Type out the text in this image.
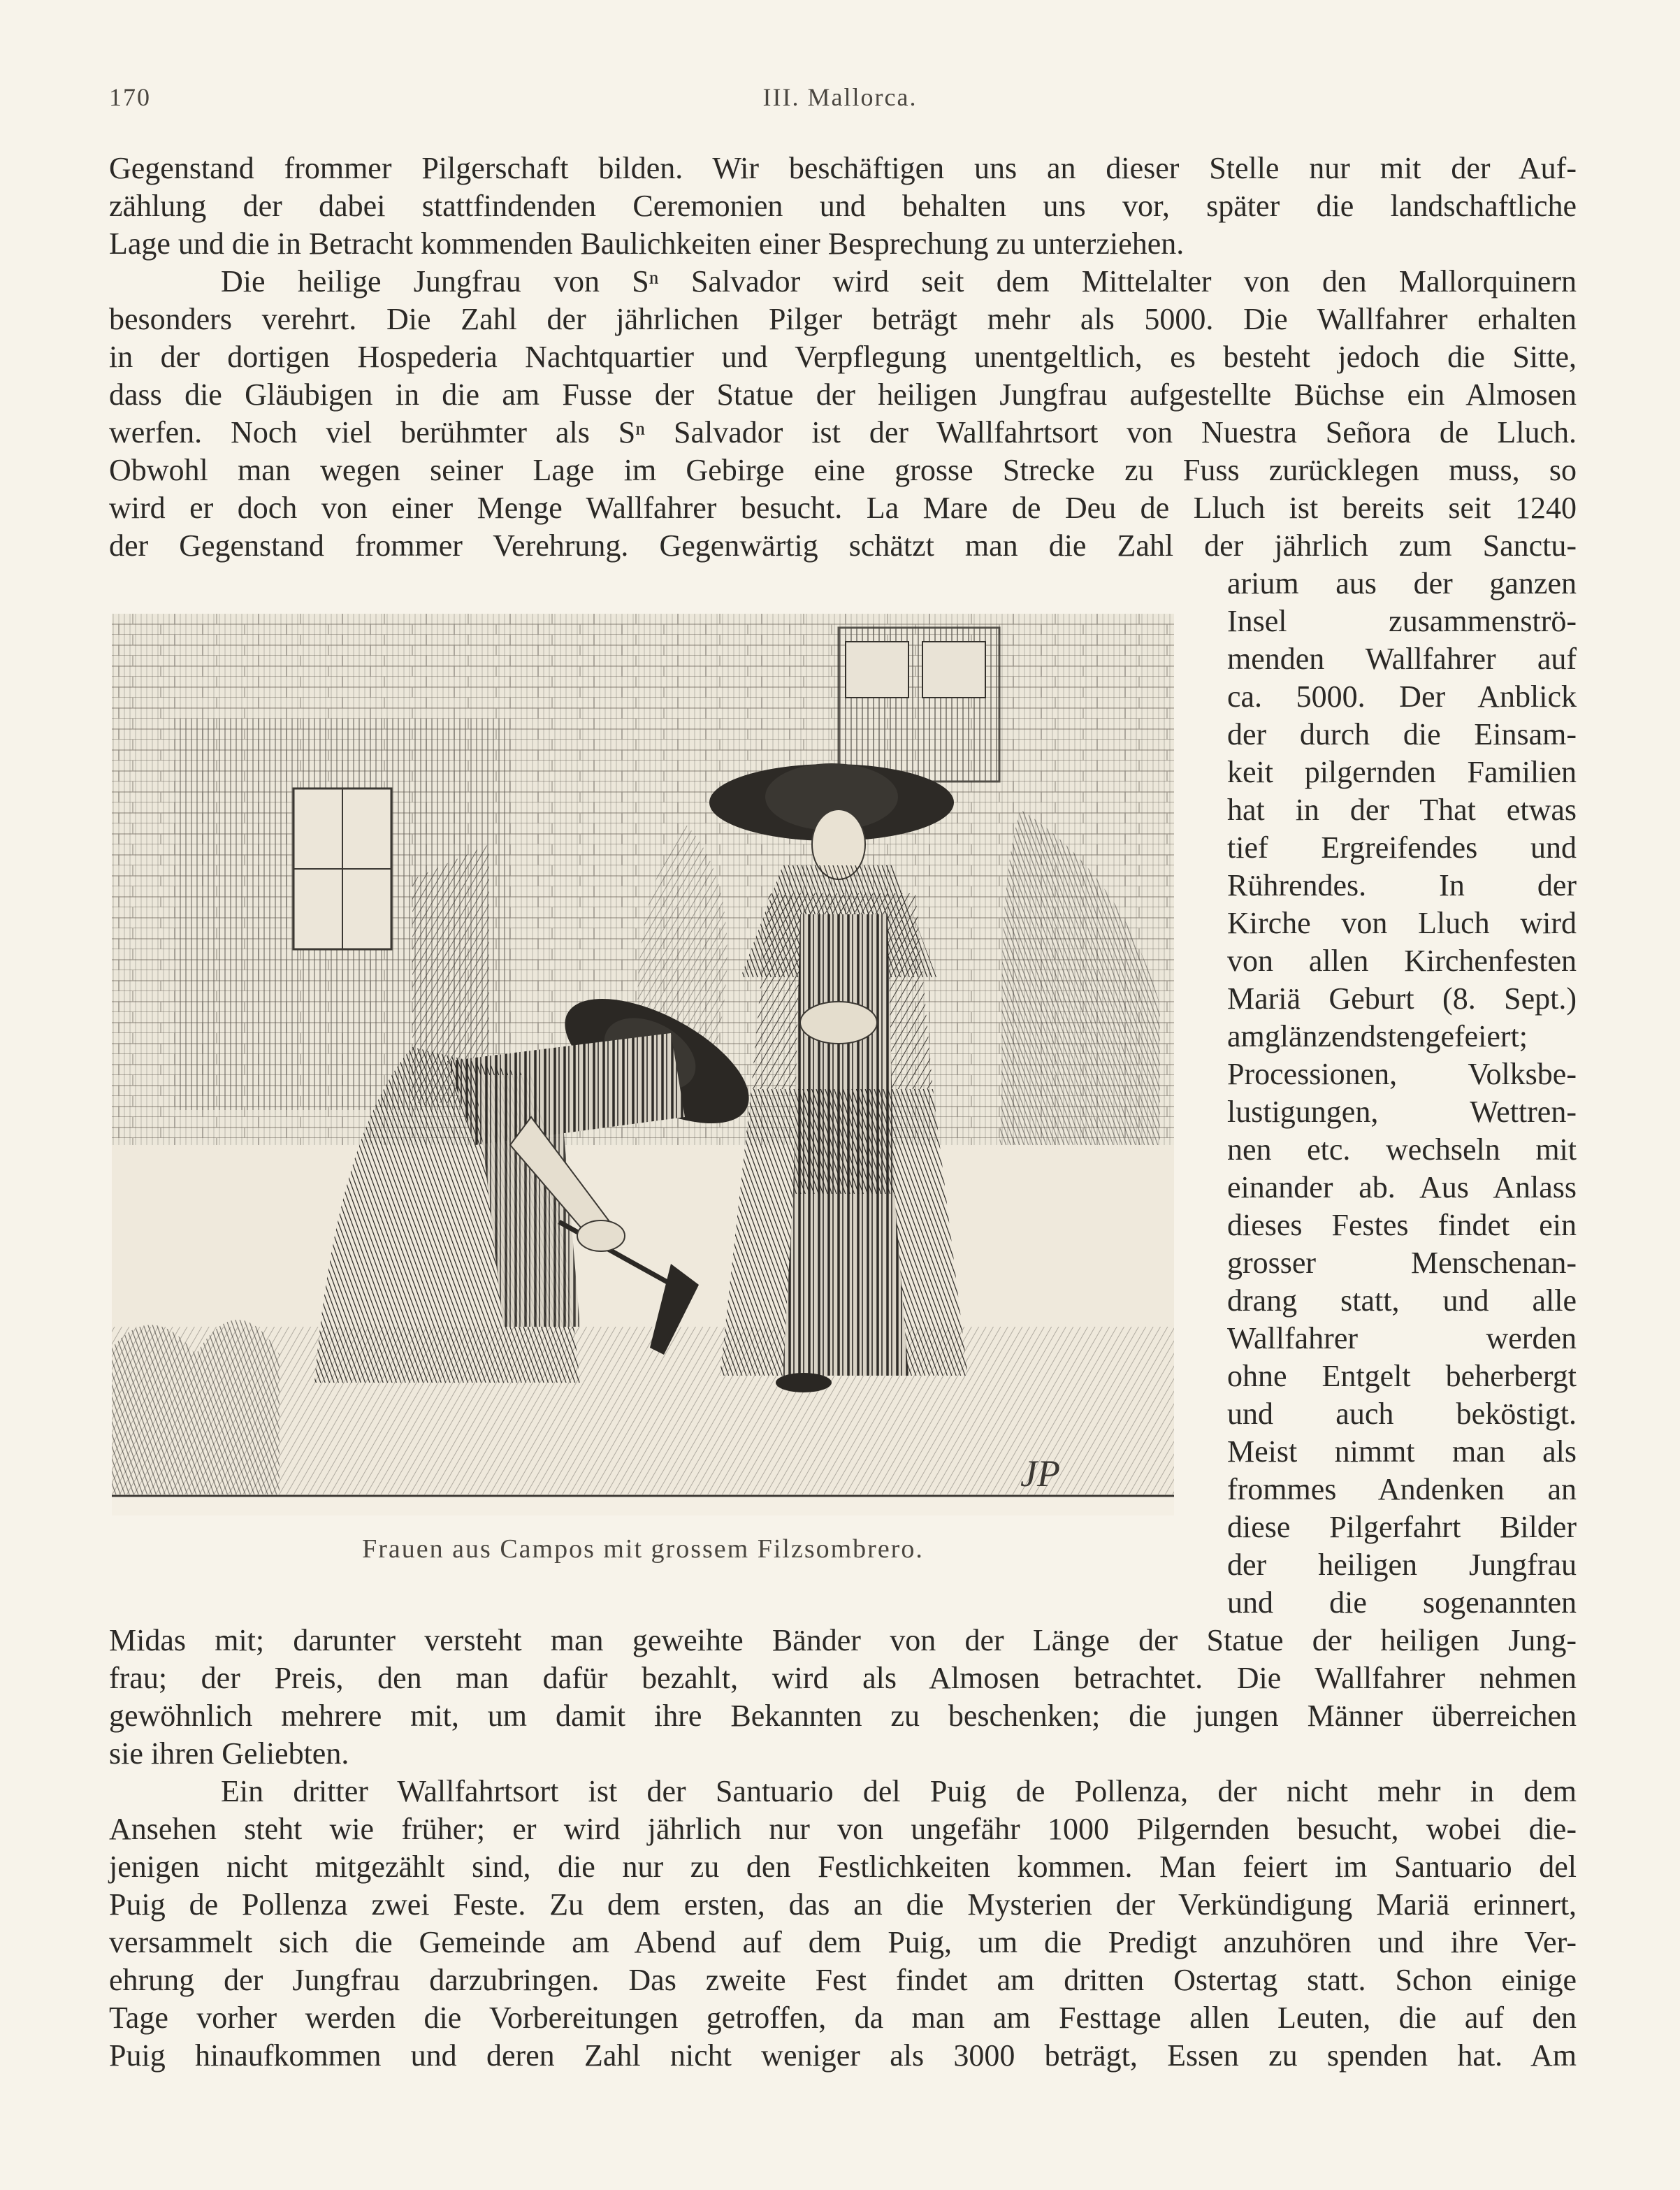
170	III. Mallorca.
Gegenstand frommer Pilgerschaft bilden. Wir beschäftigen uns an dieser Stelle nur mit der Auf-
zählung der dabei stattfindenden Ceremonien und behalten uns vor, später die landschaftliche
Lage und die in Betracht kommenden Baulichkeiten einer Besprechung zu unterziehen.
Die heilige Jungfrau von Sⁿ Salvador wird seit dem Mittelalter von den Mallorquinern
besonders verehrt. Die Zahl der jährlichen Pilger beträgt mehr als 5000. Die Wallfahrer erhalten
in der dortigen Hospederia Nachtquartier und Verpflegung unentgeltlich, es besteht jedoch die Sitte,
dass die Gläubigen in die am Fusse der Statue der heiligen Jungfrau aufgestellte Büchse ein Almosen
werfen. Noch viel berühmter als Sⁿ Salvador ist der Wallfahrtsort von Nuestra Señora de Lluch.
Obwohl man wegen seiner Lage im Gebirge eine grosse Strecke zu Fuss zurücklegen muss, so
wird er doch von einer Menge Wallfahrer besucht. La Mare de Deu de Lluch ist bereits seit 1240
der Gegenstand frommer Verehrung. Gegenwärtig schätzt man die Zahl der jährlich zum Sanctu-
arium aus der ganzen
Insel zusammenströ-
menden Wallfahrer auf
ca. 5000. Der Anblick
der durch die Einsam-
keit pilgernden Familien
hat in der That etwas
tief Ergreifendes und
Rührendes. In der
Kirche von Lluch wird
von allen Kirchenfesten
Mariä Geburt (8. Sept.)
amglänzendstengefeiert;
Processionen, Volksbe-
lustigungen, Wettren-
nen etc. wechseln mit
einander ab. Aus Anlass
dieses Festes findet ein
grosser Menschenan-
drang statt, und alle
Wallfahrer werden
ohne Entgelt beherbergt
und auch beköstigt.
Meist nimmt man als
frommes Andenken an
diese Pilgerfahrt Bilder
der heiligen Jungfrau
und die sogenannten
JP
Frauen aus Campos mit grossem Filzsombrero.
Midas mit; darunter versteht man geweihte Bänder von der Länge der Statue der heiligen Jung-
frau; der Preis, den man dafür bezahlt, wird als Almosen betrachtet. Die Wallfahrer nehmen
gewöhnlich mehrere mit, um damit ihre Bekannten zu beschenken; die jungen Männer überreichen
sie ihren Geliebten.
Ein dritter Wallfahrtsort ist der Santuario del Puig de Pollenza, der nicht mehr in dem
Ansehen steht wie früher; er wird jährlich nur von ungefähr 1000 Pilgernden besucht, wobei die-
jenigen nicht mitgezählt sind, die nur zu den Festlichkeiten kommen. Man feiert im Santuario del
Puig de Pollenza zwei Feste. Zu dem ersten, das an die Mysterien der Verkündigung Mariä erinnert,
versammelt sich die Gemeinde am Abend auf dem Puig, um die Predigt anzuhören und ihre Ver-
ehrung der Jungfrau darzubringen. Das zweite Fest findet am dritten Ostertag statt. Schon einige
Tage vorher werden die Vorbereitungen getroffen, da man am Festtage allen Leuten, die auf den
Puig hinaufkommen und deren Zahl nicht weniger als 3000 beträgt, Essen zu spenden hat. Am
